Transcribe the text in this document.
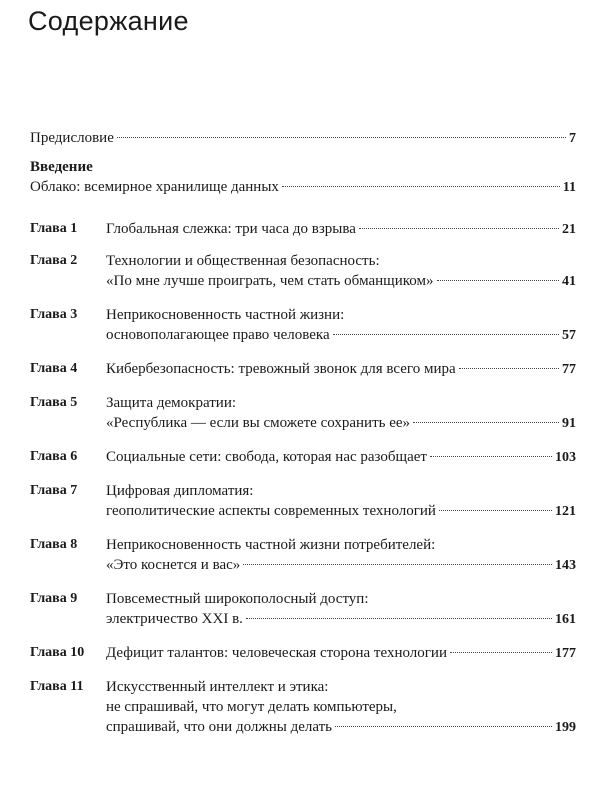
Содержание
Предисловие	7
Введение
Облако: всемирное хранилище данных	11
Глава 1	Глобальная слежка: три часа до взрыва	21
Глава 2	Технологии и общественная безопасность:
«По мне лучше проиграть, чем стать обманщиком»	41
Глава 3	Неприкосновенность частной жизни:
основополагающее право человека	57
Глава 4	Кибербезопасность: тревожный звонок для всего мира	77
Глава 5	Защита демократии:
«Республика — если вы сможете сохранить ее»	91
Глава 6	Социальные сети: свобода, которая нас разобщает	103
Глава 7	Цифровая дипломатия:
геополитические аспекты современных технологий	121
Глава 8	Неприкосновенность частной жизни потребителей:
«Это коснется и вас»	143
Глава 9	Повсеместный широкополосный доступ:
электричество XXI в.	161
Глава 10	Дефицит талантов: человеческая сторона технологии	177
Глава 11	Искусственный интеллект и этика:
не спрашивай, что могут делать компьютеры,
спрашивай, что они должны делать	199
